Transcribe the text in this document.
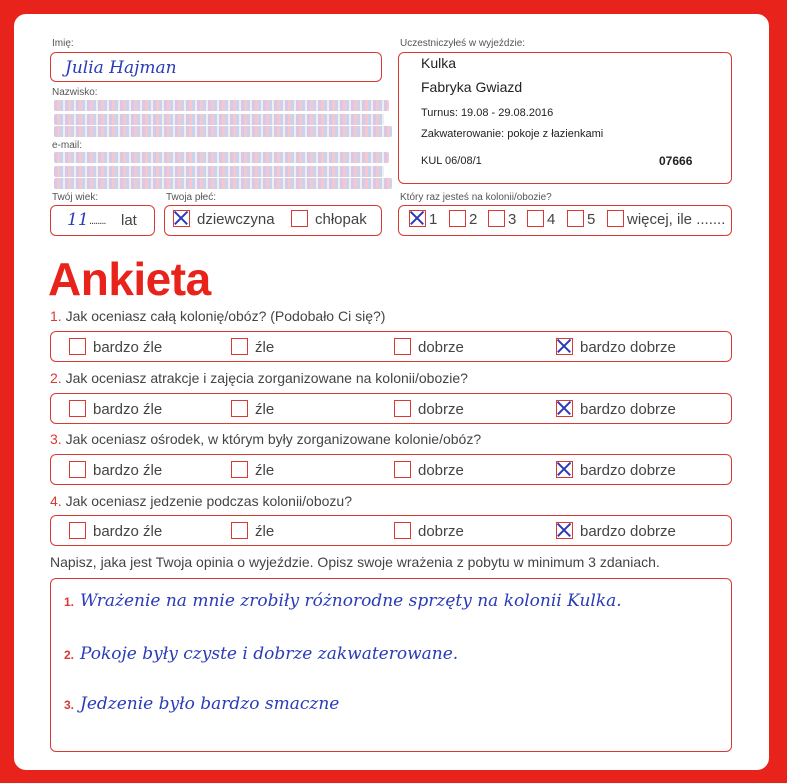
Imię:
Julia Hajman
Nazwisko:
e-mail:
Uczestniczyłeś w wyjeździe:
Kulka
Fabryka Gwiazd
Turnus: 19.08 - 29.08.2016
Zakwaterowanie: pokoje z łazienkami
KUL 06/08/1	07666
Twój wiek:
11 ........ lat
Twoja płeć:
dziewczyna	chłopak
Który raz jesteś na kolonii/obozie?
1	2	3	4	5	więcej, ile .......
Ankieta
1. Jak oceniasz całą kolonię/obóz? (Podobało Ci się?)
bardzo źle	źle	dobrze	bardzo dobrze
2. Jak oceniasz atrakcje i zajęcia zorganizowane na kolonii/obozie?
bardzo źle	źle	dobrze	bardzo dobrze
3. Jak oceniasz ośrodek, w którym były zorganizowane kolonie/obóz?
bardzo źle	źle	dobrze	bardzo dobrze
4. Jak oceniasz jedzenie podczas kolonii/obozu?
bardzo źle	źle	dobrze	bardzo dobrze
Napisz, jaka jest Twoja opinia o wyjeździe. Opisz swoje wrażenia z pobytu w minimum 3 zdaniach.
1. Wrażenie na mnie zrobiły różnorodne sprzęty na kolonii Kulka.
2. Pokoje były czyste i dobrze zakwaterowane.
3. Jedzenie było bardzo smaczne
